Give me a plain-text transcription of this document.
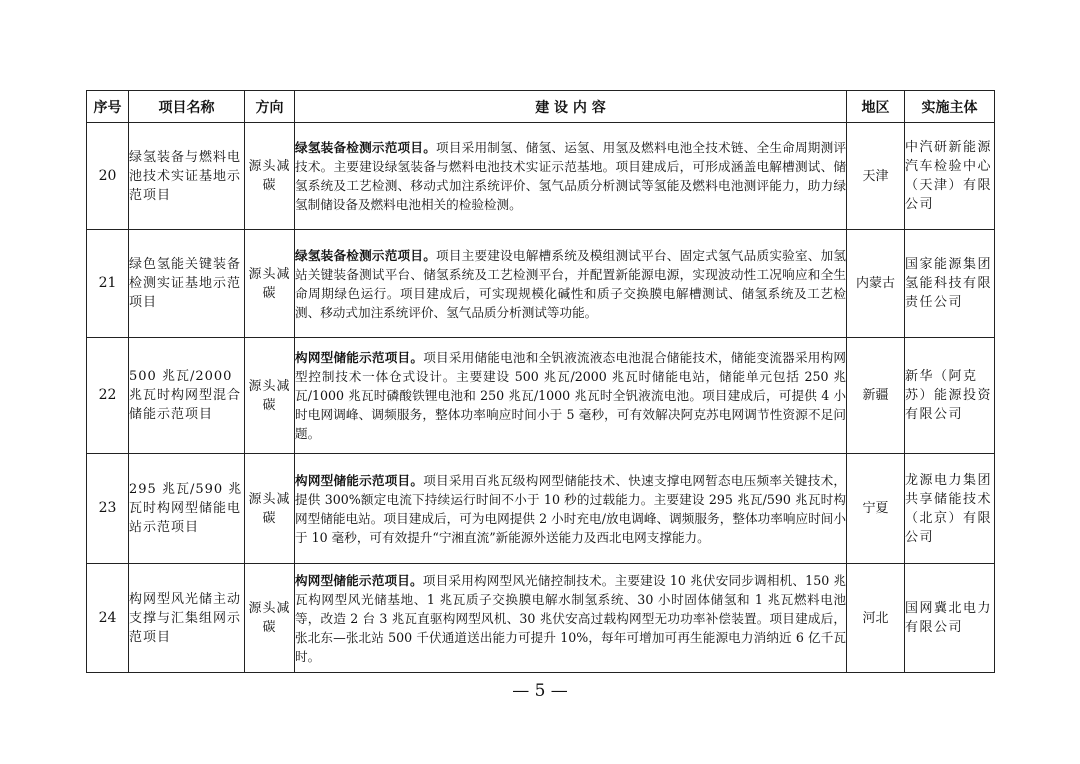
序号	项目名称	方向	建 设 内 容	地区	实施主体
20	绿氢装备与燃料电池技术实证基地示范项目	源头减碳	绿氢装备检测示范项目。项目采用制氢、储氢、运氢、用氢及燃料电池全技术链、全生命周期测评技术。主要建设绿氢装备与燃料电池技术实证示范基地。项目建成后，可形成涵盖电解槽测试、储氢系统及工艺检测、移动式加注系统评价、氢气品质分析测试等氢能及燃料电池测评能力，助力绿氢制储设备及燃料电池相关的检验检测。	天津	中汽研新能源汽车检验中心（天津）有限公司
21	绿色氢能关键装备检测实证基地示范项目	源头减碳	绿氢装备检测示范项目。项目主要建设电解槽系统及模组测试平台、固定式氢气品质实验室、加氢站关键装备测试平台、储氢系统及工艺检测平台，并配置新能源电源，实现波动性工况响应和全生命周期绿色运行。项目建成后，可实现规模化碱性和质子交换膜电解槽测试、储氢系统及工艺检测、移动式加注系统评价、氢气品质分析测试等功能。	内蒙古	国家能源集团氢能科技有限责任公司
22	500 兆瓦/2000 兆瓦时构网型混合储能示范项目	源头减碳	构网型储能示范项目。项目采用储能电池和全钒液流液态电池混合储能技术，储能变流器采用构网型控制技术一体仓式设计。主要建设 500 兆瓦/2000 兆瓦时储能电站，储能单元包括 250 兆瓦/1000 兆瓦时磷酸铁锂电池和 250 兆瓦/1000 兆瓦时全钒液流电池。项目建成后，可提供 4 小时电网调峰、调频服务，整体功率响应时间小于 5 毫秒，可有效解决阿克苏电网调节性资源不足问题。	新疆	新华（阿克苏）能源投资有限公司
23	295 兆瓦/590 兆瓦时构网型储能电站示范项目	源头减碳	构网型储能示范项目。项目采用百兆瓦级构网型储能技术、快速支撑电网暂态电压频率关键技术，提供 300%额定电流下持续运行时间不小于 10 秒的过载能力。主要建设 295 兆瓦/590 兆瓦时构网型储能电站。项目建成后，可为电网提供 2 小时充电/放电调峰、调频服务，整体功率响应时间小于 10 毫秒，可有效提升“宁湘直流”新能源外送能力及西北电网支撑能力。	宁夏	龙源电力集团共享储能技术（北京）有限公司
24	构网型风光储主动支撑与汇集组网示范项目	源头减碳	构网型储能示范项目。项目采用构网型风光储控制技术。主要建设 10 兆伏安同步调相机、150 兆瓦构网型风光储基地、1 兆瓦质子交换膜电解水制氢系统、30 小时固体储氢和 1 兆瓦燃料电池等，改造 2 台 3 兆瓦直驱构网型风机、30 兆伏安高过载构网型无功功率补偿装置。项目建成后，张北东—张北站 500 千伏通道送出能力可提升 10%，每年可增加可再生能源电力消纳近 6 亿千瓦时。	河北	国网冀北电力有限公司
— 5 —
